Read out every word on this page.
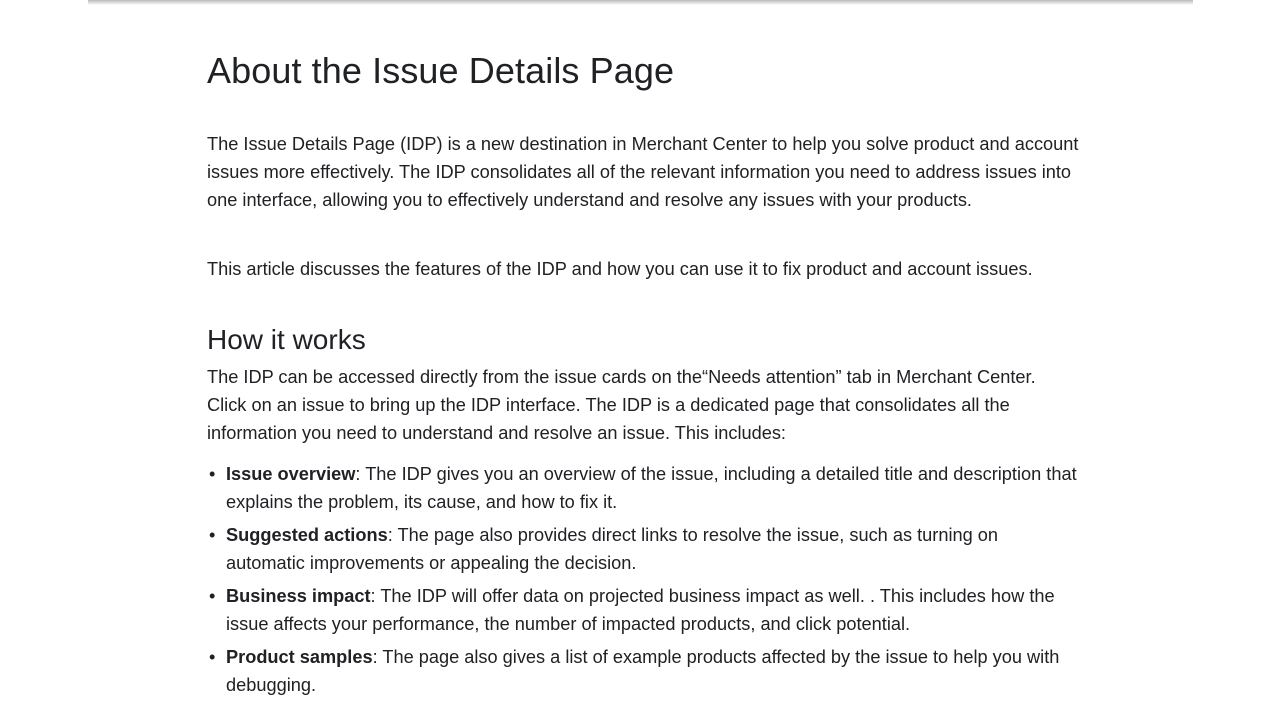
About the Issue Details Page

The Issue Details Page (IDP) is a new destination in Merchant Center to help you solve product and account issues more effectively. The IDP consolidates all of the relevant information you need to address issues into one interface, allowing you to effectively understand and resolve any issues with your products.

This article discusses the features of the IDP and how you can use it to fix product and account issues.

How it works

The IDP can be accessed directly from the issue cards on the“Needs attention” tab in Merchant Center. Click on an issue to bring up the IDP interface. The IDP is a dedicated page that consolidates all the information you need to understand and resolve an issue. This includes:

• Issue overview: The IDP gives you an overview of the issue, including a detailed title and description that explains the problem, its cause, and how to fix it.
• Suggested actions: The page also provides direct links to resolve the issue, such as turning on automatic improvements or appealing the decision.
• Business impact: The IDP will offer data on projected business impact as well. . This includes how the issue affects your performance, the number of impacted products, and click potential.
• Product samples: The page also gives a list of example products affected by the issue to help you with debugging.
